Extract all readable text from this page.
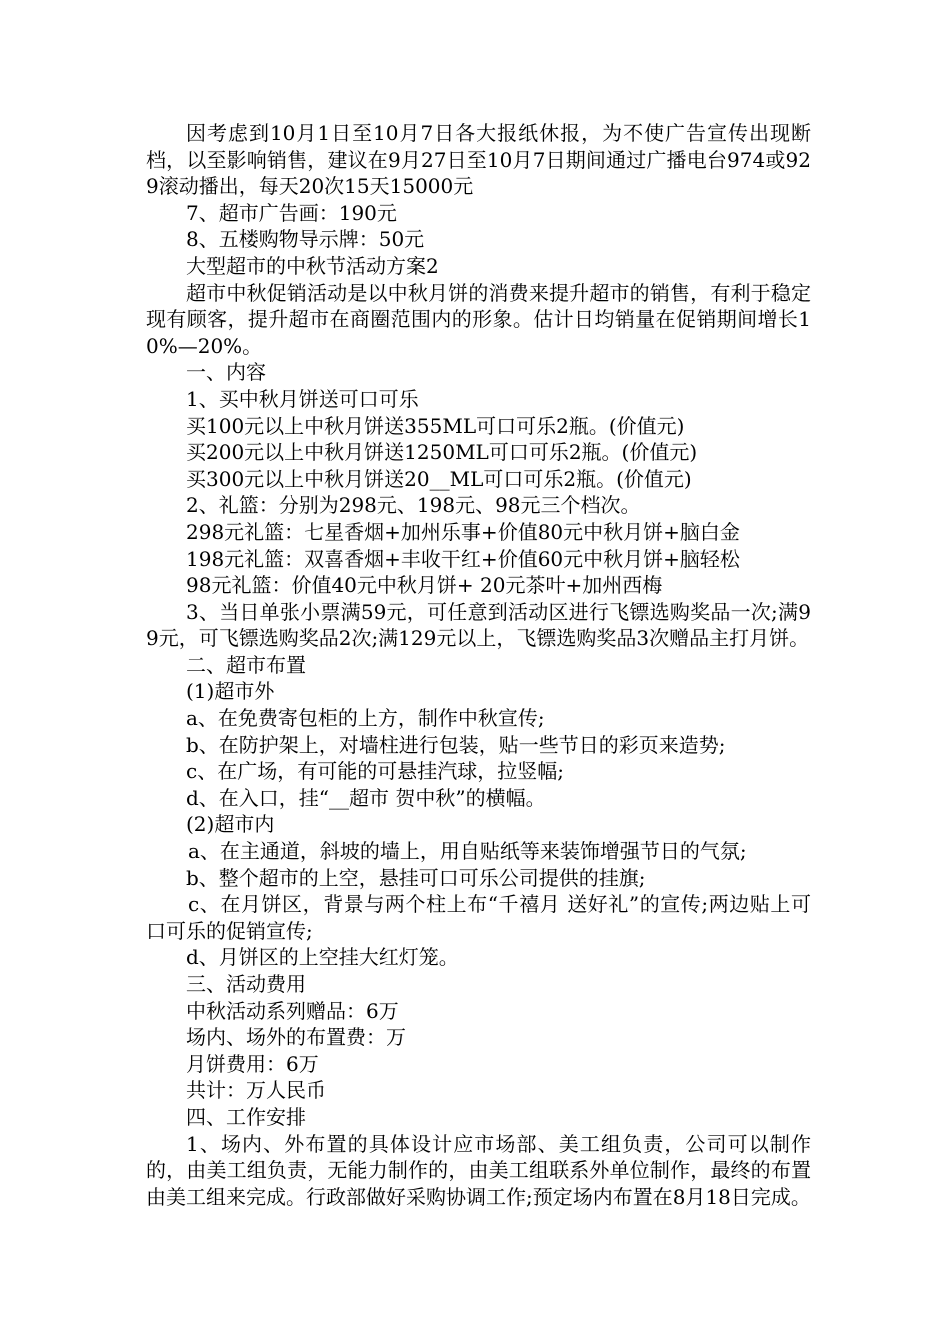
因考虑到10月1日至10月7日各大报纸休报，为不使广告宣传出现断档，以至影响销售，建议在9月27日至10月7日期间通过广播电台974或929滚动播出，每天20次15天15000元

7、超市广告画：190元

8、五楼购物导示牌：50元

大型超市的中秋节活动方案2

超市中秋促销活动是以中秋月饼的消费来提升超市的销售，有利于稳定现有顾客，提升超市在商圈范围内的形象。估计日均销量在促销期间增长10%—20%。

一、内容

1、买中秋月饼送可口可乐

买100元以上中秋月饼送355ML可口可乐2瓶。(价值元)

买200元以上中秋月饼送1250ML可口可乐2瓶。(价值元)

买300元以上中秋月饼送20__ML可口可乐2瓶。(价值元)

2、礼篮：分别为298元、198元、98元三个档次。

298元礼篮：七星香烟+加州乐事+价值80元中秋月饼+脑白金

198元礼篮：双喜香烟+丰收干红+价值60元中秋月饼+脑轻松

98元礼篮：价值40元中秋月饼+ 20元茶叶+加州西梅

3、当日单张小票满59元，可任意到活动区进行飞镖选购奖品一次;满99元，可飞镖选购奖品2次;满129元以上，飞镖选购奖品3次赠品主打月饼。

二、超市布置

(1)超市外

a、在免费寄包柜的上方，制作中秋宣传;

b、在防护架上，对墙柱进行包装，贴一些节日的彩页来造势;

c、在广场，有可能的可悬挂汽球，拉竖幅;

d、在入口，挂“__超市 贺中秋”的横幅。

(2)超市内

a、在主通道，斜坡的墙上，用自贴纸等来装饰增强节日的气氛;

b、整个超市的上空，悬挂可口可乐公司提供的挂旗;

c、在月饼区，背景与两个柱上布“千禧月 送好礼”的宣传;两边贴上可口可乐的促销宣传;

d、月饼区的上空挂大红灯笼。

三、活动费用

中秋活动系列赠品：6万

场内、场外的布置费：万

月饼费用：6万

共计：万人民币

四、工作安排

1、场内、外布置的具体设计应市场部、美工组负责，公司可以制作的，由美工组负责，无能力制作的，由美工组联系外单位制作，最终的布置由美工组来完成。行政部做好采购协调工作;预定场内布置在8月18日完成。
